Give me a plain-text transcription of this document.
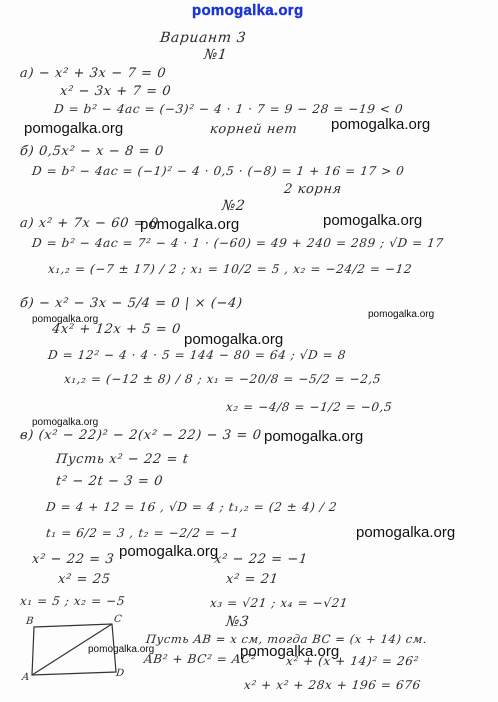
B	C
A	D
Вариант 3
№1
а) − x² + 3x − 7 = 0
x² − 3x + 7 = 0
D = b² − 4ac = (−3)² − 4 · 1 · 7 = 9 − 28 = −19 < 0
корней нет
б) 0,5x² − x − 8 = 0
D = b² − 4ac = (−1)² − 4 · 0,5 · (−8) = 1 + 16 = 17 > 0
2 корня
№2
а) x² + 7x − 60 = 0
D = b² − 4ac = 7² − 4 · 1 · (−60) = 49 + 240 = 289 ; √D = 17
x₁,₂ = (−7 ± 17) / 2 ; x₁ = 10/2 = 5 , x₂ = −24/2 = −12
б) − x² − 3x − 5/4 = 0 | × (−4)
4x² + 12x + 5 = 0
D = 12² − 4 · 4 · 5 = 144 − 80 = 64 ; √D = 8
x₁,₂ = (−12 ± 8) / 8 ; x₁ = −20/8 = −5/2 = −2,5
x₂ = −4/8 = −1/2 = −0,5
в) (x² − 22)² − 2(x² − 22) − 3 = 0
Пусть x² − 22 = t
t² − 2t − 3 = 0
D = 4 + 12 = 16 , √D = 4 ; t₁,₂ = (2 ± 4) / 2
t₁ = 6/2 = 3 , t₂ = −2/2 = −1
x² − 22 = 3	x² − 22 = −1
x² = 25	x² = 21
x₁ = 5 ; x₂ = −5	x₃ = √21 ; x₄ = −√21
№3
Пусть AB = x см, тогда BC = (x + 14) см.
AB² + BC² = AC² x² + (x + 14)² = 26²
x² + x² + 28x + 196 = 676
pomogalka.org
pomogalka.org	pomogalka.org
pomogalka.org	pomogalka.org
pomogalka.org	pomogalka.org
pomogalka.org
pomogalka.org
pomogalka.org
pomogalka.org
pomogalka.org
pomogalka.org	pomogalka.org
